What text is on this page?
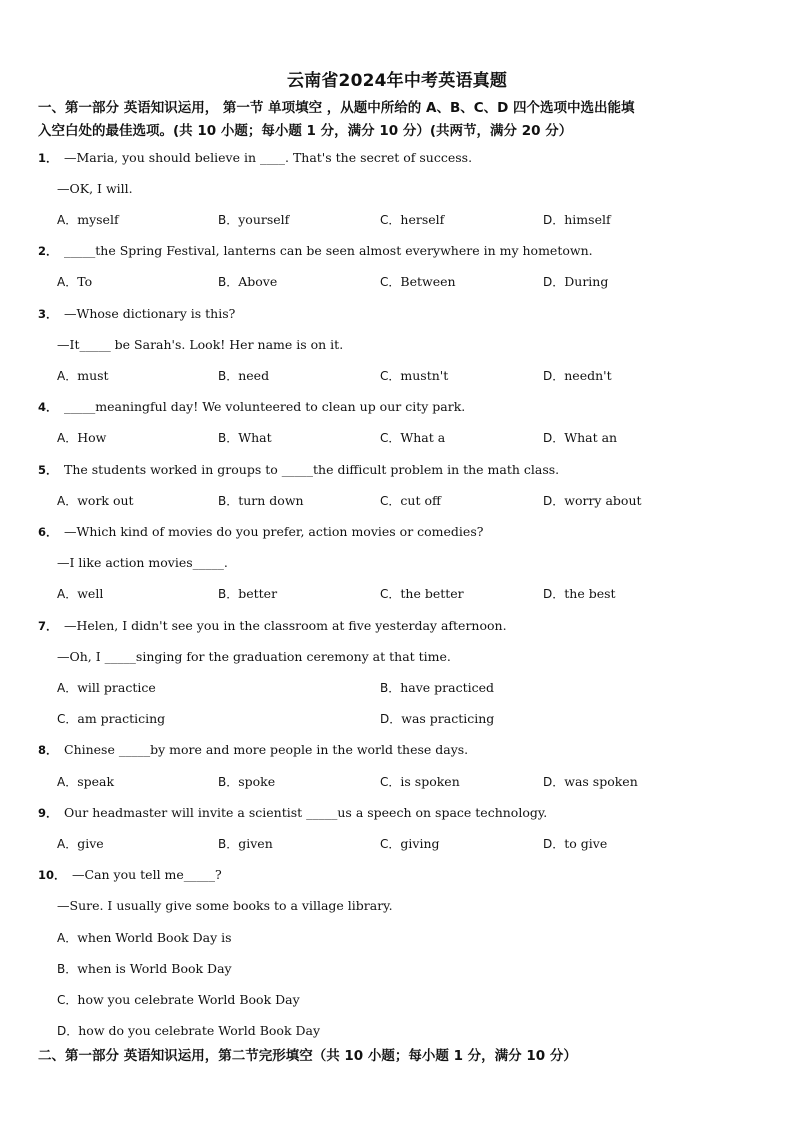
云南省2024年中考英语真题
一、第一部分 英语知识运用， 第一节 单项填空 ，从题中所给的 A、B、C、D 四个选项中选出能填
入空白处的最佳选项。(共 10 小题；每小题 1 分，满分 10 分）(共两节，满分 20 分）
1． —Maria, you should believe in ____. That's the secret of success.
—OK, I will.
A．myself	B．yourself	C．herself	D．himself
2． _____the Spring Festival, lanterns can be seen almost everywhere in my hometown.
A．To	B．Above	C．Between	D．During
3． —Whose dictionary is this?
—It_____ be Sarah's. Look! Her name is on it.
A．must	B．need	C．mustn't	D．needn't
4． _____meaningful day! We volunteered to clean up our city park.
A．How	B．What	C．What a	D．What an
5． The students worked in groups to _____the difficult problem in the math class.
A．work out	B．turn down	C．cut off	D．worry about
6． —Which kind of movies do you prefer, action movies or comedies?
—I like action movies_____.
A．well	B．better	C．the better	D．the best
7． —Helen, I didn't see you in the classroom at five yesterday afternoon.
—Oh, I _____singing for the graduation ceremony at that time.
A．will practice	B．have practiced
C．am practicing	D．was practicing
8． Chinese _____by more and more people in the world these days.
A．speak	B．spoke	C．is spoken	D．was spoken
9． Our headmaster will invite a scientist _____us a speech on space technology.
A．give	B．given	C．giving	D．to give
10． —Can you tell me_____?
—Sure. I usually give some books to a village library.
A．when World Book Day is
B．when is World Book Day
C．how you celebrate World Book Day
D．how do you celebrate World Book Day
二、第一部分 英语知识运用，第二节完形填空（共 10 小题；每小题 1 分，满分 10 分）
